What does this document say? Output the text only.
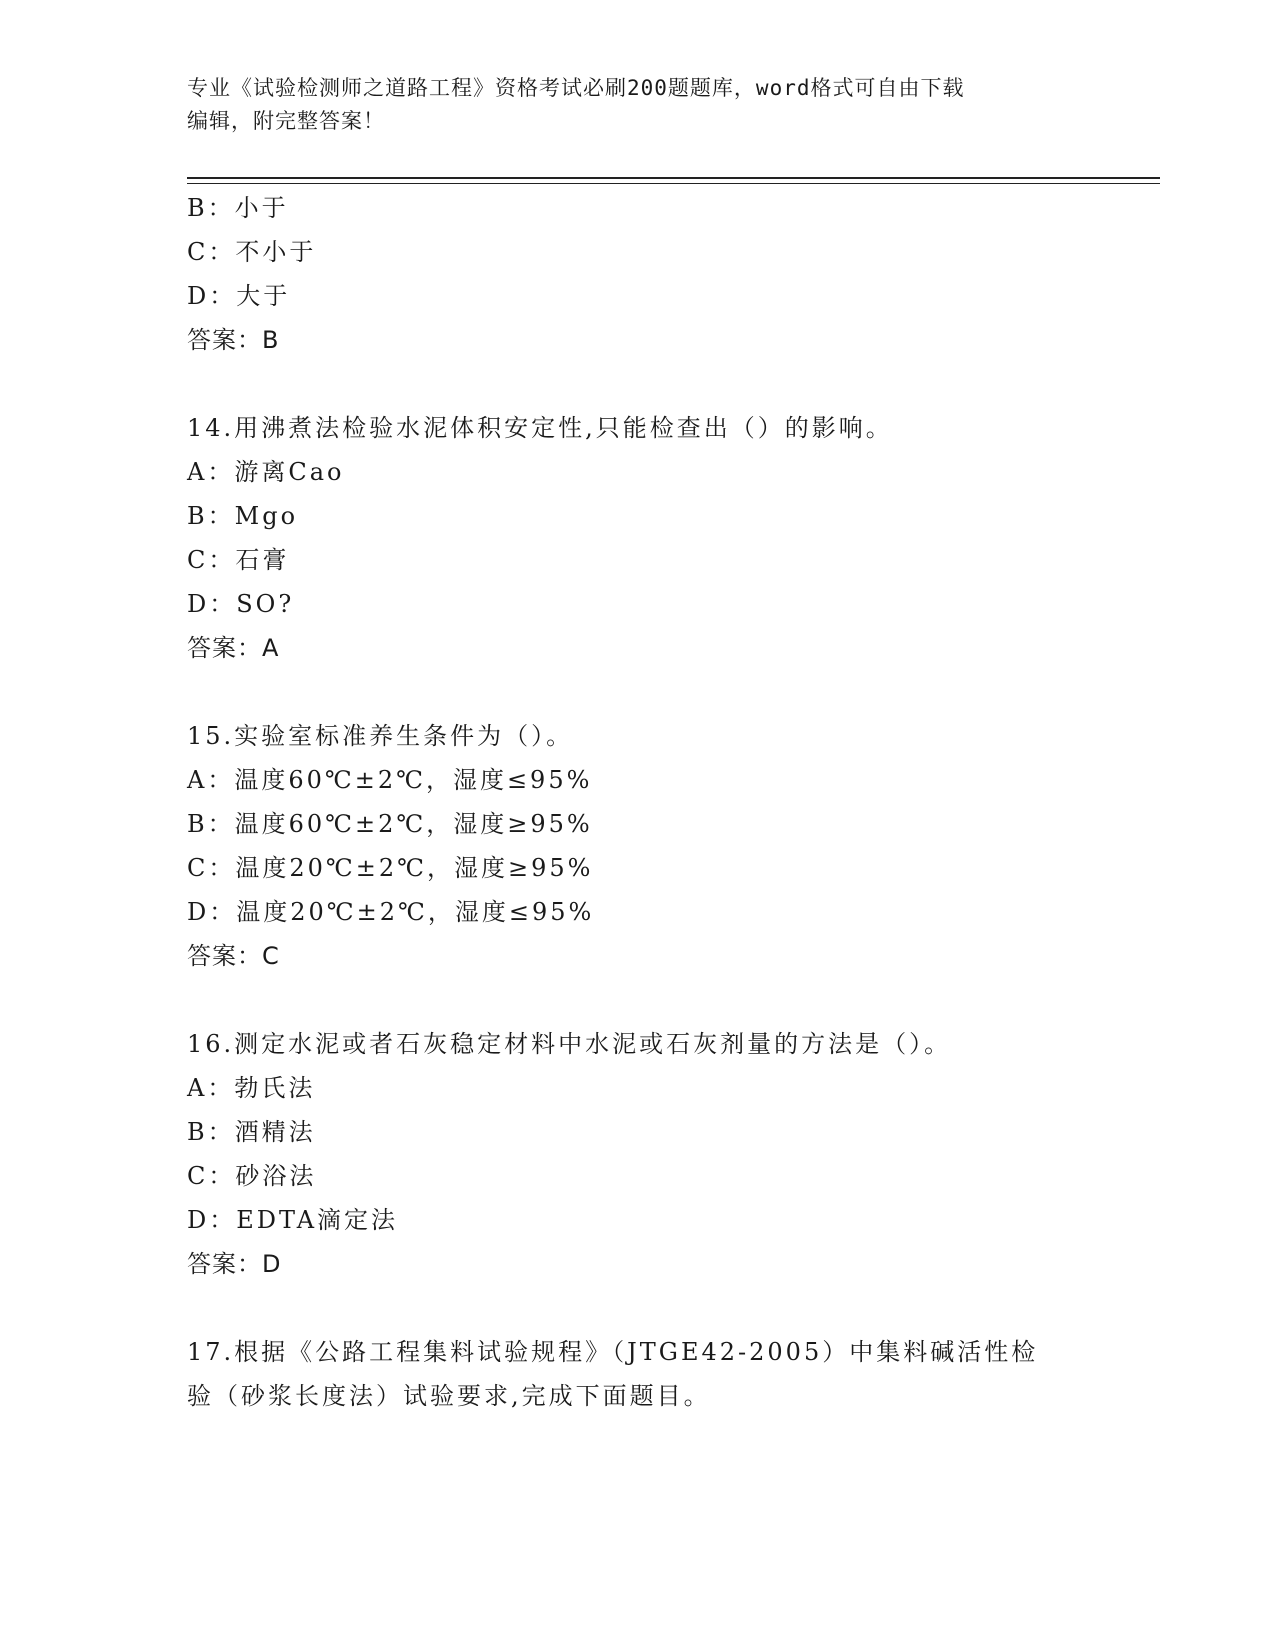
专业《试验检测师之道路工程》资格考试必刷200题题库，word格式可自由下载
编辑，附完整答案！
B：小于
C：不小于
D：大于
答案：B
14.用沸煮法检验水泥体积安定性,只能检查出（）的影响。
A：游离Cao
B：Mgo
C：石膏
D：SO?
答案：A
15.实验室标准养生条件为（）。
A：温度60℃±2℃，湿度≤95%
B：温度60℃±2℃，湿度≥95%
C：温度20℃±2℃，湿度≥95%
D：温度20℃±2℃，湿度≤95%
答案：C
16.测定水泥或者石灰稳定材料中水泥或石灰剂量的方法是（）。
A：勃氏法
B：酒精法
C：砂浴法
D：EDTA滴定法
答案：D
17.根据《公路工程集料试验规程》（JTGE42-2005）中集料碱活性检
验（砂浆长度法）试验要求,完成下面题目。
